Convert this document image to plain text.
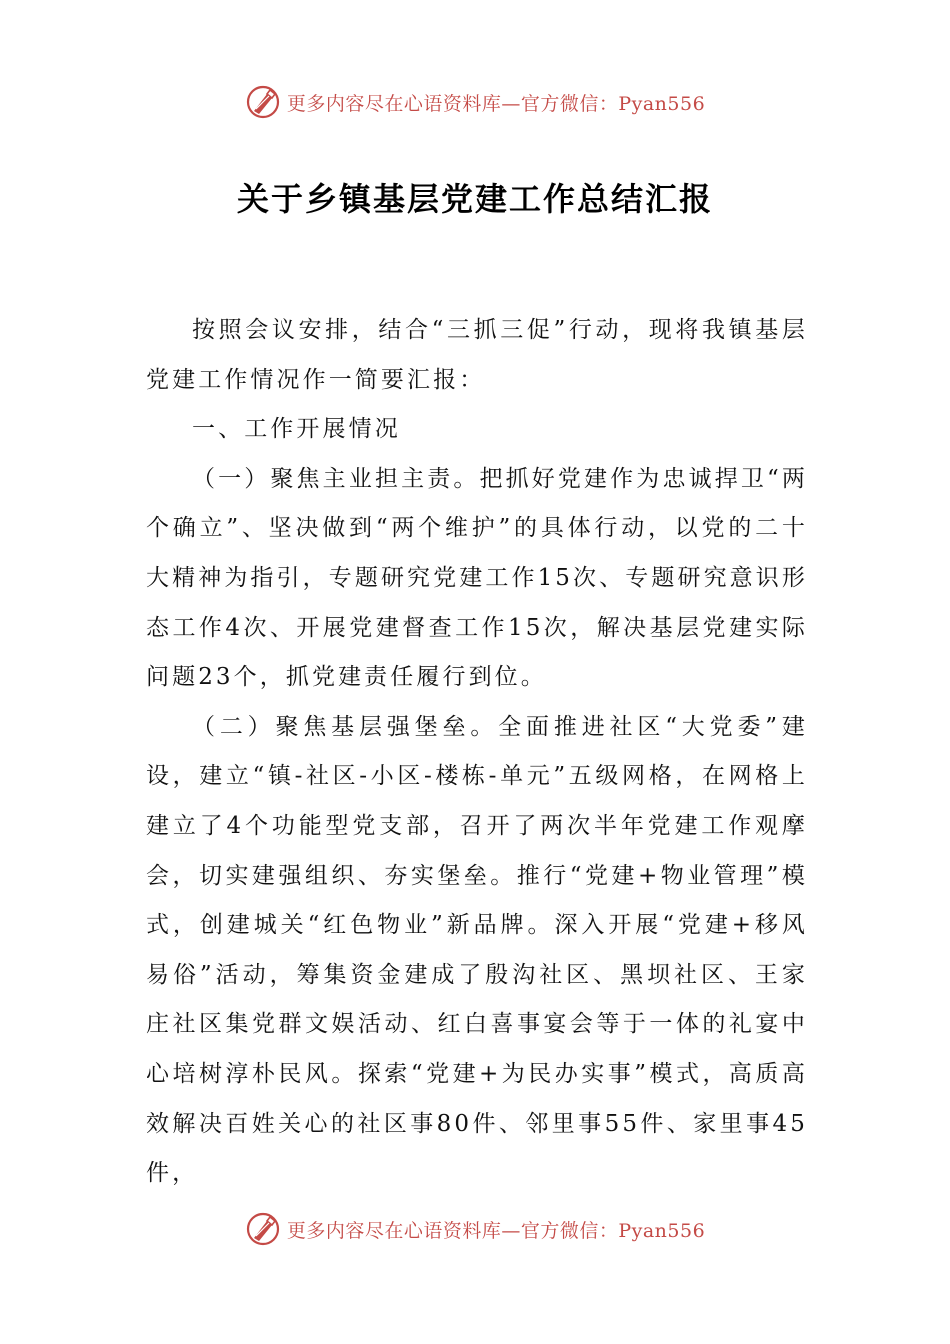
更多内容尽在心语资料库—官方微信：Pyan556
关于乡镇基层党建工作总结汇报

按照会议安排，结合“三抓三促”行动，现将我镇基层党建工作情况作一简要汇报：

一、工作开展情况

（一）聚焦主业担主责。把抓好党建作为忠诚捍卫“两个确立”、坚决做到“两个维护”的具体行动，以党的二十大精神为指引，专题研究党建工作15次、专题研究意识形态工作4次、开展党建督查工作15次，解决基层党建实际问题23个，抓党建责任履行到位。

（二）聚焦基层强堡垒。全面推进社区“大党委”建设，建立“镇-社区-小区-楼栋-单元”五级网格，在网格上建立了4个功能型党支部，召开了两次半年党建工作观摩会，切实建强组织、夯实堡垒。推行“党建+物业管理”模式，创建城关“红色物业”新品牌。深入开展“党建+移风易俗”活动，筹集资金建成了殷沟社区、黑坝社区、王家庄社区集党群文娱活动、红白喜事宴会等于一体的礼宴中心培树淳朴民风。探索“党建+为民办实事”模式，高质高效解决百姓关心的社区事80件、邻里事55件、家里事45件，

更多内容尽在心语资料库—官方微信：Pyan556
